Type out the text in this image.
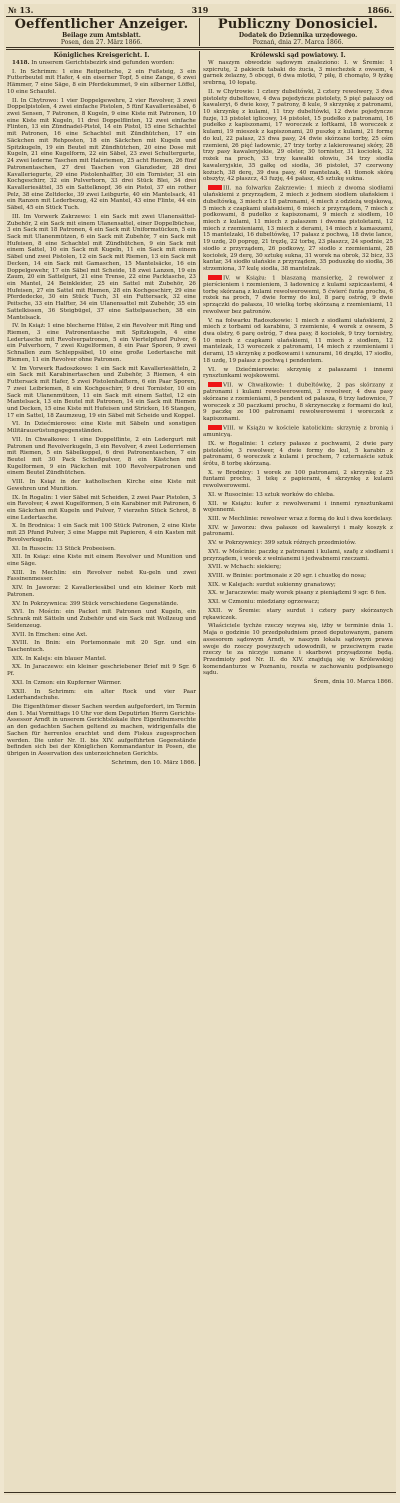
№ 13.	319	1866.
Oeffentlicher Anzeiger.
Beilage zum Amtsblatt.
Posen, den 27. März 1866.
Publiczny Donosiciel.
Dodatek do Dziennika urzędowego.
Poznań, dnia 27. Marca 1866.
Königliches Kreisgericht. I.

1418. In unserem Gerichtsbezirk sind gefunden worden:

I. In Schrimm: 1 eine Reitpeitsche, 2 ein Fußsteig, 3 ein Futterbeutel mit Hafer, 4 ein eiserner Topf, 5 eine Zange, 6 zwei Hämmer, 7 eine Säge, 8 ein Pferdekummet, 9 ein silberner Löffel, 10 eine Schaufel.

II. In Chytrowo: 1 vier Doppelgewehre, 2 vier Revolver, 3 zwei Doppelpistolen, 4 zwei einfache Pistolen, 5 fünf Kavalleriesäbel, 6 zwei Sensen, 7 Patronen, 8 Kugeln, 9 eine Kiste mit Patronen, 10 eine Kiste mit Kugeln, 11 drei Doppelflinten, 12 zwei einfache Flinten, 13 ein Zündnadel-Pistol, 14 ein Pistol, 15 eine Schachtel mit Patronen, 16 eine Schachtel mit Zündhütchen, 17 ein Säckchen mit Rehposten, 18 ein Säckchen mit Kugeln und Spitzkugeln, 19 ein Beutel mit Zündhütchen, 20 eine Dose mit Kugeln, 21 eine Kugelform, 22 ein Säbel, 23 zwei Schultergurte, 24 zwei lederne Taschen mit Halsriemen, 25 acht Riemen, 26 fünf Patronentaschen, 27 drei Taschen von Glanzleder, 28 drei Kavalleriegurte, 29 eine Pistolenhalfter, 30 ein Tornister, 31 ein Kochgeschirr, 32 ein Pulverhorn, 33 drei Stück Blei, 34 drei Kavalleriesättel, 35 ein Sattelknopf, 36 ein Pistol, 37 ein rother Pelz, 38 eine Zeltdecke, 39 zwei Leibgurte, 40 ein Mantelsack, 41 ein Ranzen mit Lederbezug, 42 ein Mantel, 43 eine Flinte, 44 ein Säbel, 45 ein Stück Tuch.

III. Im Vorwerk Zakrzewo: 1 ein Sack mit zwei Ulanensättel-Zubehör, 2 ein Sack mit einem Ulanensattel, einer Doppelbüchse, 3 ein Sack mit 18 Patronen, 4 ein Sack mit Uniformstücken, 5 ein Sack mit Ulanenmützen, 6 ein Sack mit Zubehör, 7 ein Sack mit Hufeisen, 8 eine Schachtel mit Zündhütchen, 9 ein Sack mit einem Sattel, 10 ein Sack mit Kugeln, 11 ein Sack mit einem Säbel und zwei Pistolen, 12 ein Sack mit Riemen, 13 ein Sack mit Decken, 14 ein Sack mit Gamaschen, 15 Mantelsäcke, 16 ein Doppelgewehr, 17 ein Säbel mit Scheide, 18 zwei Lanzen, 19 ein Zaum, 20 ein Sattelgurt, 21 eine Trense, 22 eine Packtasche, 23 ein Mantel, 24 Beinkleider, 25 ein Sattel mit Zubehör, 26 Hufeisen, 27 ein Sattel mit Riemen, 28 ein Kochgeschirr, 29 eine Pferdedecke, 30 ein Stück Tuch, 31 ein Futtersack, 32 eine Peitsche, 33 ein Halfter, 34 ein Ulanensattel mit Zubehör, 35 ein Sattelkissen, 36 Steigbügel, 37 eine Sattelpauschen, 38 ein Mantelsack.

IV. In Książ: 1 eine blecherne Hülse, 2 ein Revolver mit Ring und Riemen, 3 eine Patronentasche mit Spitzkugeln, 4 eine Ledertasche mit Revolverpatronen, 5 ein Viertelpfund Pulver, 6 ein Pulverhorn, 7 zwei Kugelformen, 8 ein Paar Sporen, 9 zwei Schnallen zum Schleppsäbel, 10 eine große Ledertasche mit Riemen, 11 ein Revolver ohne Patronen.

V. Im Vorwerk Radoszkowo: 1 ein Sack mit Kavalleriesätteln, 2 ein Sack mit Karabinertaschen und Zubehör, 3 Riemen, 4 ein Futtersack mit Hafer, 5 zwei Pistolenhalftern, 6 ein Paar Sporen, 7 zwei Leibriemen, 8 ein Kochgeschirr, 9 drei Tornister, 10 ein Sack mit Ulanenmützen, 11 ein Sack mit einem Sattel, 12 ein Mantelsack, 13 ein Beutel mit Patronen, 14 ein Sack mit Riemen und Decken, 15 eine Kiste mit Hufeisen und Stricken, 16 Stangen, 17 ein Sattel, 18 Zaumzeug, 19 ein Säbel mit Scheide und Koppel.

VI. In Dziećmierowo: eine Kiste mit Säbeln und sonstigen Militärausrüstungsgegenständen.

VII. In Chwałkowo: 1 eine Doppelflinte, 2 ein Ledergurt mit Patronen und Revolverkugeln, 3 ein Revolver, 4 zwei Lederriemen mit Riemen, 5 ein Säbelkoppel, 6 drei Patronentaschen, 7 ein Beutel mit 30 Pack Schießpulver, 8 ein Kästchen mit Kugelformen, 9 ein Päckchen mit 100 Revolverpatronen und einem Beutel Zündhütchen.

VIII. In Książ in der katholischen Kirche eine Kiste mit Gewehren und Munition.

IX. In Rogalin: 1 vier Säbel mit Scheiden, 2 zwei Paar Pistolen, 3 ein Revolver, 4 zwei Kugelformen, 5 ein Karabiner mit Patronen, 6 ein Säckchen mit Kugeln und Pulver, 7 vierzehn Stück Schrot, 8 eine Ledertasche.

X. In Brodnica: 1 ein Sack mit 100 Stück Patronen, 2 eine Kiste mit 25 Pfund Pulver, 3 eine Mappe mit Papieren, 4 ein Kasten mit Revolverkugeln.

XI. In Rusocin: 13 Stück Probeeisen.

XII. In Ksiąz: eine Kiste mit einem Revolver und Munition und eine Säge.

XIII. In Mechlin: ein Revolver nebst Ku-geln und zwei Fassinenmesser.

XIV. In Jaworze: 2 Kavalleriesäbel und ein kleiner Korb mit Patronen.

XV. In Pokrzywnica: 399 Stück verschiedene Gegenstände.

XVI. In Mościn: ein Packet mit Patronen und Kugeln, ein Schrank mit Sätteln und Zubehör und ein Sack mit Wollzeug und Seidenzeug.

XVII. In Emchen: eine Axt.

XVIII. In Bnin: ein Portemonnaie mit 20 Sgr. und ein Taschentuch.

XIX. In Kalejs: ein blauer Mantel.

XX. In Jaraczewo: ein kleiner geschriebener Brief mit 9 Sgr. 6 Pf.

XXI. In Czmon: ein Kupferner Wärmer.

XXII. In Schrimm: ein alter Rock und vier Paar Lederhandschuhe.

Die Eigenthümer dieser Sachen werden aufgefordert, im Termin den 1. Mai Vormittags 10 Uhr vor dem Deputirten Herrn Gerichts-Assessor Arndt in unserem Gerichtslokale ihre Eigenthumsrechte an den gedachten Sachen geltend zu machen, widrigenfalls die Sachen für herrenlos erachtet und dem Fiskus zugesprochen werden. Die unter Nr. II. bis XIV. aufgeführten Gegenstände befinden sich bei der Königlichen Kommandantur in Posen, die übrigen in Asservation des unterzeichneten Gerichts.

Schrimm, den 10. März 1866.

Królewski sąd powiatowy. I.

W naszym obwodzie sądowym znaleziono: I. w Śremie: 1 szpicrutę, 2 pakiecik tabaki do żucia, 3 miecheżek z owsem, 4 garnek żelazny, 5 obcęgi, 6 dwa młotki, 7 piłę, 8 chomąto, 9 łyżkę srebrną, 10 łopatę.

II. w Chytrowie: 1 cztery dubeltówki, 2 cztery rewolwery, 3 dwa pistolety dubeltowe, 4 dwa pojedyńcze pistolety, 5 pięć pałaszy od kawaleryi, 6 dwie kosy, 7 patrony, 8 kule, 9 skrzynkę z patronami, 10 skrzynkę z kulami, 11 trzy dubeltówki, 12 dwie pojedyncze fuzje, 13 pistolet iglicowy, 14 pistolet, 15 pudełko z patronami, 16 pudełko z kapiszonami, 17 woreczek z loftkami, 18 woreczek z kulami, 19 mieszek z kapiszonami, 20 puszkę z kulami, 21 formę do kul, 22 pałasz, 23 dwa pasy, 24 dwie skórzane torby, 25 ośm rzemieni, 26 pięć ładownic, 27 trzy torby z lakierowanej skóry, 28 trzy pasy kawaleryjskie, 29 olster, 30 tornister, 31 kociołek, 32 rożek na proch, 33 trzy kawałki ołowiu, 34 trzy siodła kawaleryjskie, 35 gałkę od siodła, 36 pistolet, 37 czerwony kożuch, 38 derę, 39 dwa pasy, 40 mantelzak, 41 tłomok skórą obszyty, 42 płaszcz, 43 fuzję, 44 pałasz, 45 sztukę sukna.

III. na folwarku Zakrzewie: 1 miech z dwoma siodłami ułańskiemi z przyrządem, 2 miech z jednem siodłem ułańskiem i dubeltówką, 3 miech z 18 patronami, 4 miech z odzieżą wojskową, 5 miech z czapkami ułańskiemi, 6 miech z przyrządem, 7 miech z podkowami, 8 pudełko z kapiszonami, 9 miech z siodłem, 10 miech z kulami, 11 miech z pałaszem i dwoma pistoletami, 12 miech z rzemieniami, 13 miech z derami, 14 miech z kamaszami, 15 mantelzaki, 16 dubeltówkę, 17 pałasz z pochwą, 18 dwie lance, 19 uzdę, 20 popręg, 21 tręzlę, 22 torbę, 23 płaszcz, 24 spodnie, 25 siodło z przyrządem, 26 podkowy, 27 siodło z rzemieniami, 28 kociołek, 29 derę, 30 sztukę sukna, 31 worek na obrok, 32 bicz, 33 kantar, 34 siodło ułańskie z przyrządem, 35 poduszkę do siodła, 36 strzemiona, 37 kulę siodła, 38 mantelzak.

IV. w Książu: 1 blaszaną mansierkę, 2 rewolwer z pierścieniem i rzemieniem, 3 ładownicę z kulami szpiczastemi, 4 torbę skórzaną z kulami rewolwerowemi, 5 ćwierć funta prochu, 6 rożek na proch, 7 dwie formy do kul, 8 parę ostróg, 9 dwie sprzączki do pałasza, 10 wielką torbę skórzaną z rzemieniami, 11 rewolwer bez patronów.

V. na folwarku Radoszkowie: 1 miech z siodłami ułańskiemi, 2 miech z torbami od karabinu, 3 rzemienie, 4 worek z owsem, 5 dwa olstry, 6 parę ostróg, 7 dwa pasy, 8 kociołek, 9 trzy tornistry, 10 miech z czapkami ułańskiemi, 11 miech z siodłem, 12 mantelzak, 13 woreczek z patronami, 14 miech z rzemieniami i derami, 15 skrzynkę z podkowami i sznurami, 16 drążki, 17 siodło, 18 uzdę, 19 pałasz z pochwą i pendentem.

VI. w Dziećmierowie: skrzynię z pałaszami i innemi rynsztunkami wojskowemi.

VII. w Chwałkowie: 1 dubeltówkę, 2 pas skórzany z patronami i kulami rewolwerowemi, 3 rewolwer, 4 dwa pasy skórzane z rzemieniami, 5 pendent od pałasza, 6 trzy ładownice, 7 woreczek z 30 paczkami prochu, 8 skrzyneczkę z formami do kul, 9 paczkę ze 100 patronami rewolwerowemi i woreczek z kapiszonami.

VIII. w Książu w kościele katolickim: skrzynię z bronią i amunicyą.

IX. w Rogalinie: 1 cztery pałasze z pochwami, 2 dwie pary pistoletów, 3 rewolwer, 4 dwie formy do kul, 5 karabin z patronami, 6 woreczek z kulami i prochem, 7 czternaście sztuk śrótu, 8 torbę skórzaną.

X. w Brodnicy: 1 worek ze 100 patronami, 2 skrzynkę z 25 funtami prochu, 3 tekę z papierami, 4 skrzynkę z kulami rewolwerowemi.

XI. w Rusocinie: 13 sztuk worków do chleba.

XII. w Książu: kufer z rewolwerami i innemi rynsztunkami wojennemi.

XIII. w Mechlinie: rewolwer wraz z formą do kul i dwa kordelasy.

XIV. w Jaworzu: dwa pałasze od kawaleryi i mały koszyk z patronami.

XV. w Pokrzywnicy: 399 sztuk różnych przedmiotów.

XVI. w Mościnie: paczkę z patronami i kulami, szafę z siodłami i przyrządem, i worek z wełnianemi i jedwabnemi rzeczami.

XVII. w Mchach: siekierę;

XVIII. w Bninie: portmonaie z 20 sgr. i chustkę do nosa;

XIX. w Kalejach: surdut sukienny granatowy;

XX. w Jaraczewie: mały worek pisany z pieniądzmi 9 sgr. 6 fen.

XXI. w Czmoniu: miedziany ogrzewacz;

XXII. w Śremie: stary surdut i cztery pary skórzanych rękawiczek.

Właściciele tychże rzeczy wzywa się, iżby w terminie dnia 1. Maja o godzinie 10 przedpołudniem przed deputowanym, panem assesorem sądowym Arndt, w naszym lokalu sądowym prawa swoje do rzeczy powyższych udowodnili, w przeciwnym razie rzeczy te za niczyje uznane i skarbowi przysądzone będą. Przedmioty pod Nr. II. do XIV. znajdują się w Królewskiej komendanturze w Poznaniu, reszta w zachowaniu podpisanego sądu.

Śrem, dnia 10. Marca 1866.
